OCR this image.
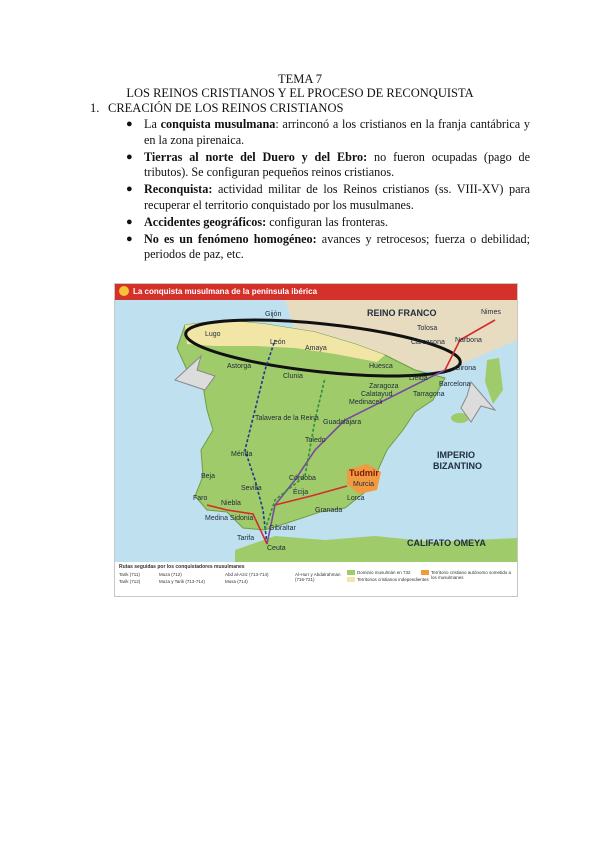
TEMA 7
LOS REINOS CRISTIANOS Y EL PROCESO DE RECONQUISTA
1. CREACIÓN DE LOS REINOS CRISTIANOS
● La conquista musulmana: arrinconó a los cristianos en la franja cantábrica y en la zona pirenaica.
● Tierras al norte del Duero y del Ebro: no fueron ocupadas (pago de tributos). Se configuran pequeños reinos cristianos.
● Reconquista: actividad militar de los Reinos cristianos (ss. VIII-XV) para recuperar el territorio conquistado por los musulmanes.
● Accidentes geográficos: configuran las fronteras.
● No es un fenómeno homogéneo: avances y retrocesos; fuerza o debilidad; periodos de paz, etc.
La conquista musulmana de la península ibérica
REINO FRANCO
IMPERIO
BIZANTINO
CALIFATO OMEYA
Tudmir
Gijón
León
Amaya
Astorga
Lugo
Clunia
Huesca
Lleida
Zaragoza
Calatayud
Medinaceli
Guadalajara
Talavera de la Reina
Toledo
Mérida
Beja
Faro
Niebla
Sevilla
Córdoba
Écija
Granada
Murcia
Lorca
Medina Sidonia
Tarifa
Gibraltar
Ceuta
Tolosa
Nimes
Carcasona Narbona
Girona
Barcelona
Tarragona
Rutas seguidas por los conquistadores musulmanes
Tarik (711)
Tarik (712)
Muza (712)
Muza y Tarik (713-714)
Abd al-Aziz (713-714)
Musa (714)
Al-Hurr y Abdalrahman (716-721)
Dominio musulmán en 732
Territorios cristianos independientes
Territorio cristiano autónomo sometido a los musulmanes
